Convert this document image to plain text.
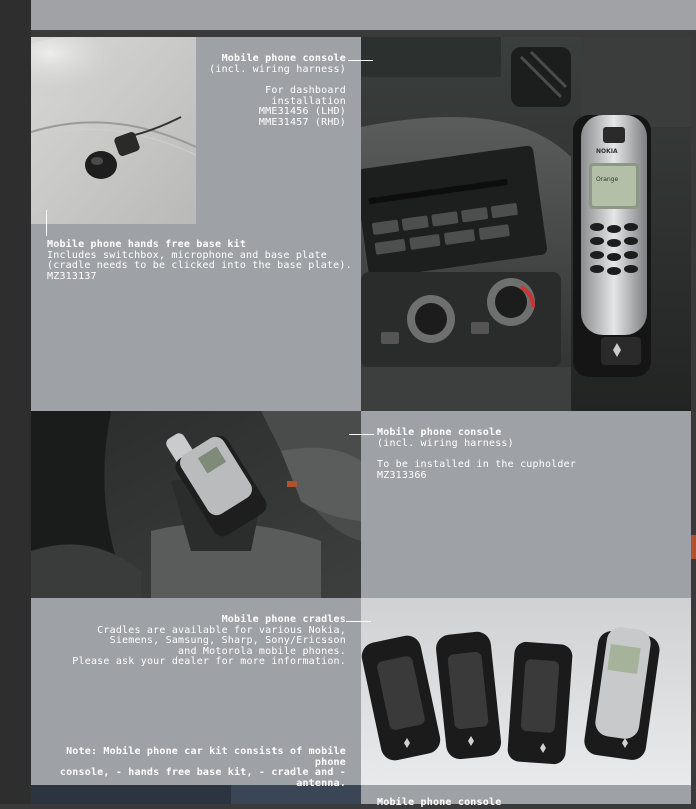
NOKIA
Orange
Mobile phone console
(incl. wiring harness)
For dashboard
installation
MME31456 (LHD)
MME31457 (RHD)
Mobile phone hands free base kit
Includes switchbox, microphone and base plate
(cradle needs to be clicked into the base plate).
MZ313137
Mobile phone console
(incl. wiring harness)
To be installed in the cupholder
MZ313366
Mobile phone cradles
Cradles are available for various Nokia,
Siemens, Samsung, Sharp, Sony/Ericsson
and Motorola mobile phones.
Please ask your dealer for more information.
Note: Mobile phone car kit consists of mobile phone
console, - hands free base kit, - cradle and - antenna.
Mobile phone console
